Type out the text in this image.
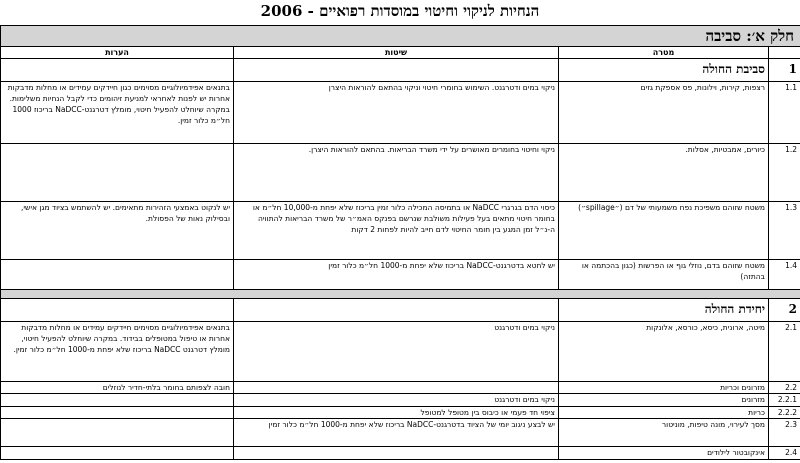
הנחיות לניקוי וחיטוי במוסדות רפואיים - 2006
חלק א׳: סביבה			
	מטרה	שיטות	הערות
1	סביבת החולה		
1.1	רצפות, קירות, וילונות, פס אספקת גזים	ניקוי במים ודטרגנט. השימוש בחומרי חיטוי וניקוי בהתאם להוראות היצרן	בתנאים אפידמיולוגיים מסוימים כגון חיידקים עמידים או מחלות מדבקות אחרות יש לפנות לאחראי למניעת זיהומים כדי לקבל הנחיות משלימות. במקרה שיוחלט להפעיל חיטוי, מומלץ דטרגנט-NaDCC בריכוז 1000 חל״מ כלור זמין.
1.2	כיורים, אמבטיות, אסלות.	ניקוי וחיטוי בחומרים מאושרים על ידי משרד הבריאות. בהתאם להוראות היצרן.	
1.3	משטח שזוהם משפיכת נפח משמעותי של דם (״spillage״)	כיסוי הדם בגרגרי NaDCC או בתמיסה המכילה כלור זמין בריכוז שלא יפחת מ-10,000 חל״מ או בחומר חיטוי מתאים בעל פעילות משולבת שנרשם בפנקס האמ״ר של משרד הבריאות להתוויה ה-נ״ל זמן המגע בין חומר החיטוי לדם חייב להיות לפחות 2 דקות	יש לנקוט באמצעי הזהירות מתאימים. יש להשתמש בציוד מגן אישי, ובסילוק נאות של הפסולת.
1.4	משטח שזוהם בדם, נוזלי גוף או הפרשות (כגון בהכתמה או בהתזה)	יש לחטא בדטרגנט-NaDCC בריכוז שלא יפחת מ-1000 חל״מ כלור זמין	

2	יחידת החולה		
2.1	מיטה, ארונית, כיסא, כורסא, אלונקות	ניקוי במים ודטרגנט	בתנאים אפידמיולוגיים מסוימים חיידקים עמידים או מחלות מדבקות אחרות או טיפול במטופלים בבידוד. במקרה שיוחלט להפעיל חיטוי, מומלץ דטרגנט NaDCC בריכוז שלא יפחת מ-1000 חל״מ כלור זמין.
2.2	מזרונים וכריות		חובה לצפותם בחומר בלתי-חדיר לנוזלים
2.2.1	מזרונים	ניקוי במים ודטרגנט	
2.2.2	כריות	ציפוי חד פעמי או כיבוס בין מטופל למטופל	
2.3	מסך לעירוי, מונה טיפות, מוניטור	יש לבצע ניגוב יומי של הציוד בדטרגנט-NaDCC בריכוז שלא יפחת מ-1000 חל״מ כלור זמין	
2.4	אינקובטור לילודים		
